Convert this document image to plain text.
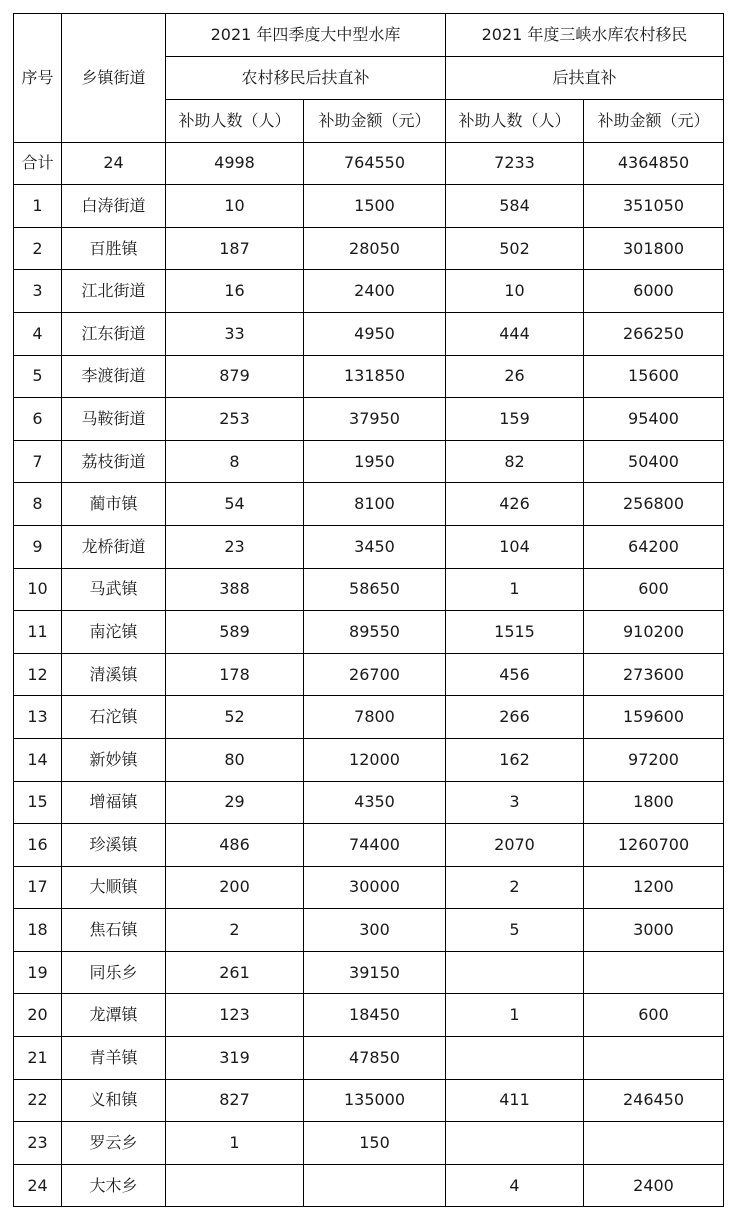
序号	乡镇街道	2021 年四季度大中型水库		2021 年度三峡水库农村移民	
		农村移民后扶直补		后扶直补	
		补助人数（人）	补助金额（元）	补助人数（人）	补助金额（元）
合计	24	4998	764550	7233	4364850
1	白涛街道	10	1500	584	351050
2	百胜镇	187	28050	502	301800
3	江北街道	16	2400	10	6000
4	江东街道	33	4950	444	266250
5	李渡街道	879	131850	26	15600
6	马鞍街道	253	37950	159	95400
7	荔枝街道	8	1950	82	50400
8	蔺市镇	54	8100	426	256800
9	龙桥街道	23	3450	104	64200
10	马武镇	388	58650	1	600
11	南沱镇	589	89550	1515	910200
12	清溪镇	178	26700	456	273600
13	石沱镇	52	7800	266	159600
14	新妙镇	80	12000	162	97200
15	增福镇	29	4350	3	1800
16	珍溪镇	486	74400	2070	1260700
17	大顺镇	200	30000	2	1200
18	焦石镇	2	300	5	3000
19	同乐乡	261	39150		
20	龙潭镇	123	18450	1	600
21	青羊镇	319	47850		
22	义和镇	827	135000	411	246450
23	罗云乡	1	150		
24	大木乡			4	2400
